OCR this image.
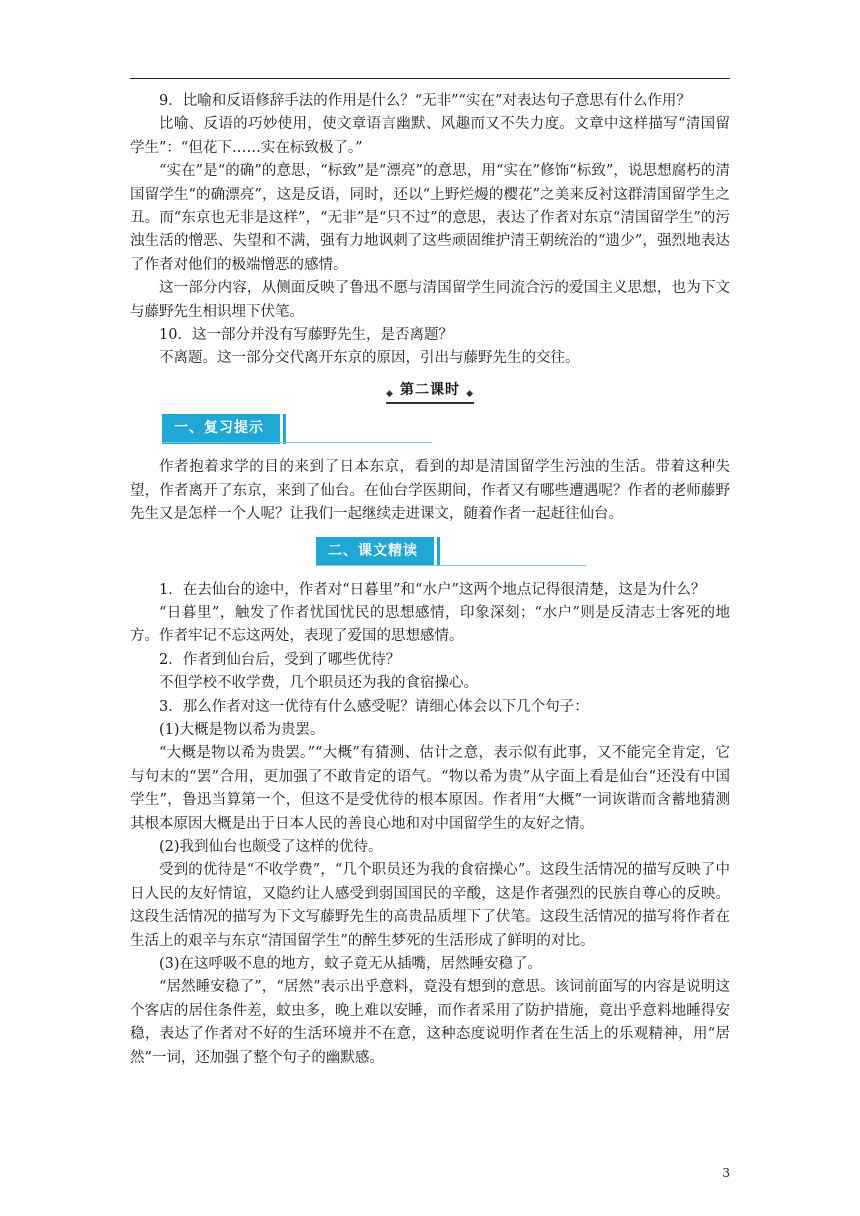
9．比喻和反语修辞手法的作用是什么？“无非”“实在”对表达句子意思有什么作用？

比喻、反语的巧妙使用，使文章语言幽默、风趣而又不失力度。文章中这样描写“清国留学生”：“但花下……实在标致极了。”

“实在”是“的确”的意思，“标致”是“漂亮”的意思，用“实在”修饰“标致”，说思想腐朽的清国留学生“的确漂亮”，这是反语，同时，还以“上野烂熳的樱花”之美来反衬这群清国留学生之丑。而“东京也无非是这样”，“无非”是“只不过”的意思，表达了作者对东京“清国留学生”的污浊生活的憎恶、失望和不满，强有力地讽刺了这些顽固维护清王朝统治的“遗少”，强烈地表达了作者对他们的极端憎恶的感情。

这一部分内容，从侧面反映了鲁迅不愿与清国留学生同流合污的爱国主义思想，也为下文与藤野先生相识埋下伏笔。

10．这一部分并没有写藤野先生，是否离题？

不离题。这一部分交代离开东京的原因，引出与藤野先生的交往。

◆ 第二课时 ◆
一、复习提示

作者抱着求学的目的来到了日本东京，看到的却是清国留学生污浊的生活。带着这种失望，作者离开了东京，来到了仙台。在仙台学医期间，作者又有哪些遭遇呢？作者的老师藤野先生又是怎样一个人呢？让我们一起继续走进课文，随着作者一起赶往仙台。

二、课文精读

1．在去仙台的途中，作者对“日暮里”和“水户”这两个地点记得很清楚，这是为什么？

“日暮里”，触发了作者忧国忧民的思想感情，印象深刻；“水户”则是反清志士客死的地方。作者牢记不忘这两处，表现了爱国的思想感情。

2．作者到仙台后，受到了哪些优待？

不但学校不收学费，几个职员还为我的食宿操心。

3．那么作者对这一优待有什么感受呢？请细心体会以下几个句子：

(1)大概是物以希为贵罢。

“大概是物以希为贵罢。”“大概”有猜测、估计之意，表示似有此事，又不能完全肯定，它与句末的“罢”合用，更加强了不敢肯定的语气。“物以希为贵”从字面上看是仙台“还没有中国学生”，鲁迅当算第一个，但这不是受优待的根本原因。作者用“大概”一词诙谐而含蓄地猜测其根本原因大概是出于日本人民的善良心地和对中国留学生的友好之情。

(2)我到仙台也颇受了这样的优待。

受到的优待是“不收学费”，“几个职员还为我的食宿操心”。这段生活情况的描写反映了中日人民的友好情谊，又隐约让人感受到弱国国民的辛酸，这是作者强烈的民族自尊心的反映。这段生活情况的描写为下文写藤野先生的高贵品质埋下了伏笔。这段生活情况的描写将作者在生活上的艰辛与东京“清国留学生”的醉生梦死的生活形成了鲜明的对比。

(3)在这呼吸不息的地方，蚊子竟无从插嘴，居然睡安稳了。

“居然睡安稳了”，“居然”表示出乎意料，竟没有想到的意思。该词前面写的内容是说明这个客店的居住条件差，蚊虫多，晚上难以安睡，而作者采用了防护措施，竟出乎意料地睡得安稳，表达了作者对不好的生活环境并不在意，这种态度说明作者在生活上的乐观精神，用“居然”一词，还加强了整个句子的幽默感。

3
